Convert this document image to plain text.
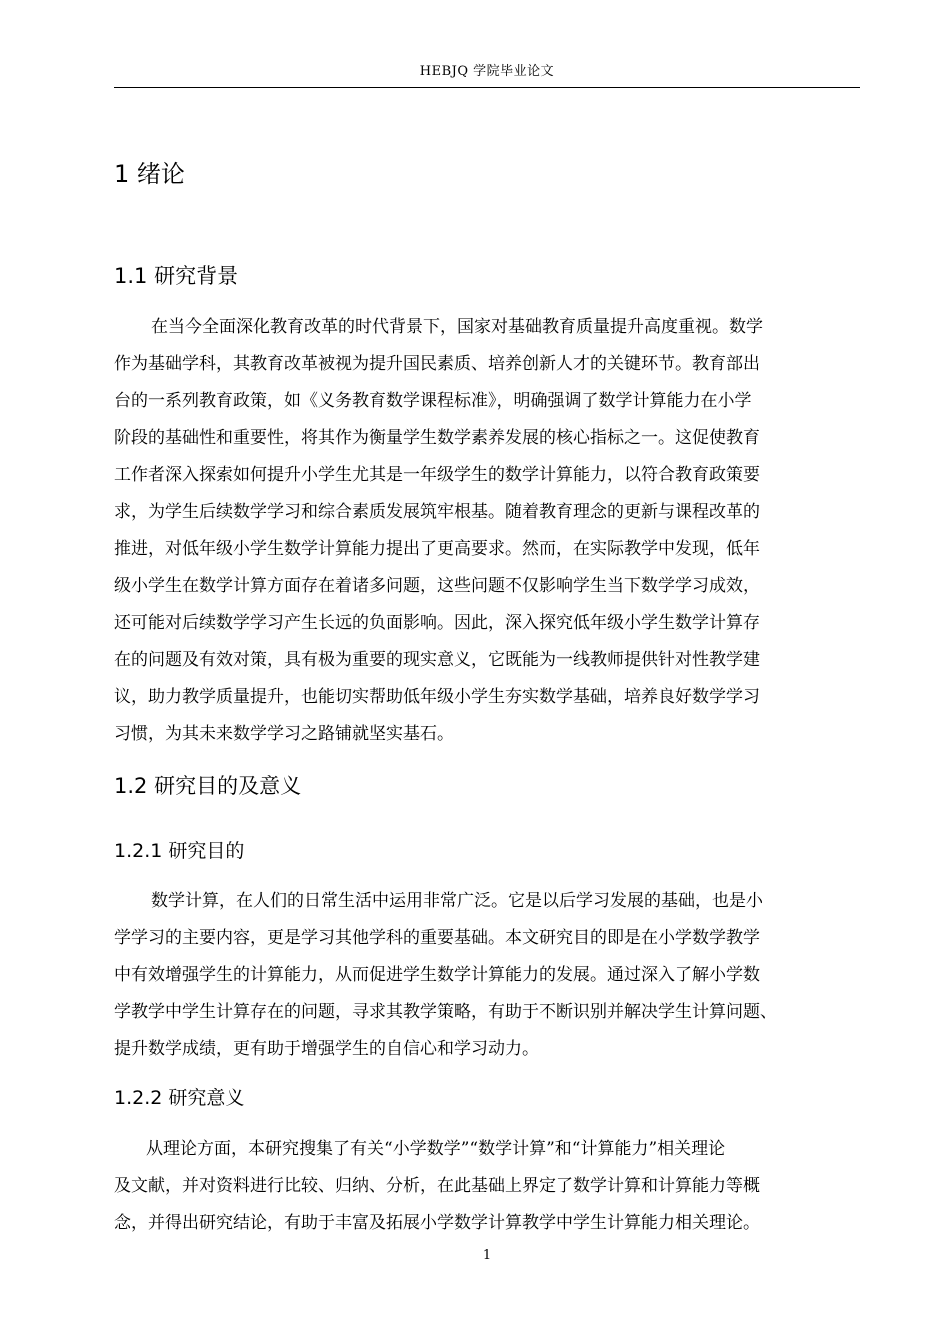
HEBJQ 学院毕业论文
1 绪论
1.1 研究背景
在当今全面深化教育改革的时代背景下，国家对基础教育质量提升高度重视。数学
作为基础学科，其教育改革被视为提升国民素质、培养创新人才的关键环节。教育部出
台的一系列教育政策，如《义务教育数学课程标准》，明确强调了数学计算能力在小学
阶段的基础性和重要性，将其作为衡量学生数学素养发展的核心指标之一。这促使教育
工作者深入探索如何提升小学生尤其是一年级学生的数学计算能力，以符合教育政策要
求，为学生后续数学学习和综合素质发展筑牢根基。随着教育理念的更新与课程改革的
推进，对低年级小学生数学计算能力提出了更高要求。然而，在实际教学中发现，低年
级小学生在数学计算方面存在着诸多问题，这些问题不仅影响学生当下数学学习成效，
还可能对后续数学学习产生长远的负面影响。因此，深入探究低年级小学生数学计算存
在的问题及有效对策，具有极为重要的现实意义，它既能为一线教师提供针对性教学建
议，助力教学质量提升，也能切实帮助低年级小学生夯实数学基础，培养良好数学学习
习惯，为其未来数学学习之路铺就坚实基石。
1.2 研究目的及意义
1.2.1 研究目的
数学计算，在人们的日常生活中运用非常广泛。它是以后学习发展的基础，也是小
学学习的主要内容，更是学习其他学科的重要基础。本文研究目的即是在小学数学教学
中有效增强学生的计算能力，从而促进学生数学计算能力的发展。通过深入了解小学数
学教学中学生计算存在的问题，寻求其教学策略，有助于不断识别并解决学生计算问题、
提升数学成绩，更有助于增强学生的自信心和学习动力。
1.2.2 研究意义
从理论方面，本研究搜集了有关“小学数学”“数学计算”和“计算能力”相关理论
及文献，并对资料进行比较、归纳、分析，在此基础上界定了数学计算和计算能力等概
念，并得出研究结论，有助于丰富及拓展小学数学计算教学中学生计算能力相关理论。
1
